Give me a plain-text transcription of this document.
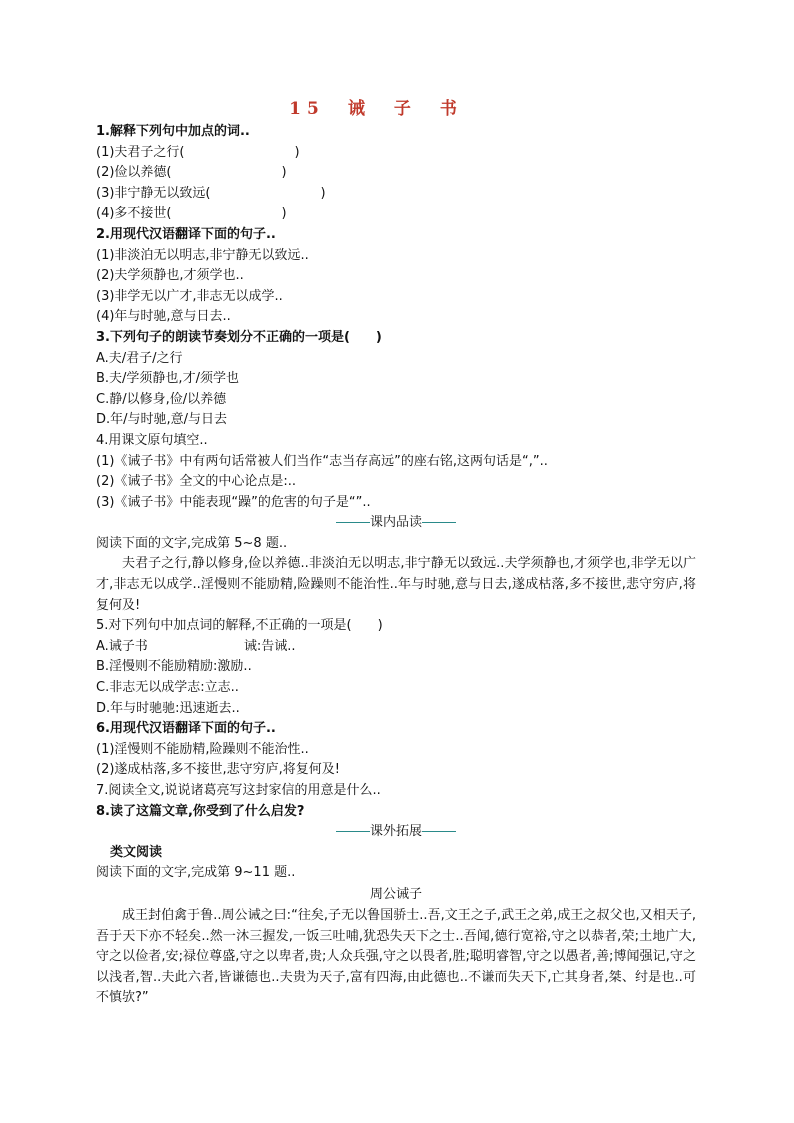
15　诫　子　书
1.解释下列句中加点的词..
(1)夫君子之行(	)
(2)俭以养德(	)
(3)非宁静无以致远(	)
(4)多不接世(	)
2.用现代汉语翻译下面的句子..
(1)非淡泊无以明志,非宁静无以致远..
(2)夫学须静也,才须学也..
(3)非学无以广才,非志无以成学..
(4)年与时驰,意与日去..
3.下列句子的朗读节奏划分不正确的一项是(　　)
A.夫/君子/之行
B.夫/学须静也,才/须学也
C.静/以修身,俭/以养德
D.年/与时驰,意/与日去
4.用课文原句填空..
(1)《诫子书》中有两句话常被人们当作“志当存高远”的座右铭,这两句话是“,”..
(2)《诫子书》全文的中心论点是:..
(3)《诫子书》中能表现“躁”的危害的句子是“”..
课内品读
阅读下面的文字,完成第 5~8 题..
夫君子之行,静以修身,俭以养德..非淡泊无以明志,非宁静无以致远..夫学须静也,才须学也,非学无以广才,非志无以成学..淫慢则不能励精,险躁则不能治性..年与时驰,意与日去,遂成枯落,多不接世,悲守穷庐,将复何及!
5.对下列句中加点词的解释,不正确的一项是(　　)
A.诫子书	诫:告诫..
B.淫慢则不能励精励:激励..
C.非志无以成学志:立志..
D.年与时驰驰:迅速逝去..
6.用现代汉语翻译下面的句子..
(1)淫慢则不能励精,险躁则不能治性..
(2)遂成枯落,多不接世,悲守穷庐,将复何及!
7.阅读全文,说说诸葛亮写这封家信的用意是什么..
8.读了这篇文章,你受到了什么启发?
课外拓展
类文阅读
阅读下面的文字,完成第 9~11 题..
周公诫子
成王封伯禽于鲁..周公诫之曰:“往矣,子无以鲁国骄士..吾,文王之子,武王之弟,成王之叔父也,又相天子,吾于天下亦不轻矣..然一沐三握发,一饭三吐哺,犹恐失天下之士..吾闻,德行宽裕,守之以恭者,荣;土地广大,守之以俭者,安;禄位尊盛,守之以卑者,贵;人众兵强,守之以畏者,胜;聪明睿智,守之以愚者,善;博闻强记,守之以浅者,智..夫此六者,皆谦德也..夫贵为天子,富有四海,由此德也..不谦而失天下,亡其身者,桀、纣是也..可不慎欤?”
